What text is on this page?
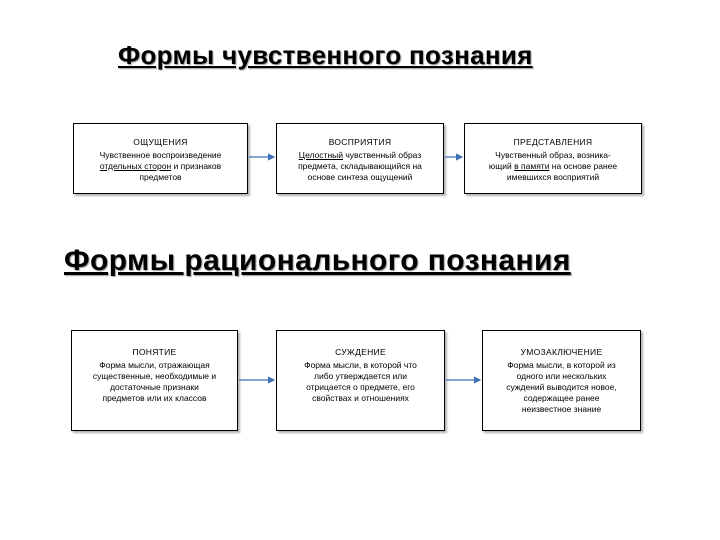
Формы чувственного познания
Формы рационального познания
ОЩУЩЕНИЯ
Чувственное воспроизведение
отдельных сторон и признаков
предметов
ВОСПРИЯТИЯ
Целостный чувственный образ
предмета, складывающийся на
основе синтеза ощущений
ПРЕДСТАВЛЕНИЯ
Чувственный образ, возника-
ющий в памяти на основе ранее
имевшихся восприятий
ПОНЯТИЕ
Форма мысли, отражающая
существенные, необходимые и
достаточные признаки
предметов или их классов
СУЖДЕНИЕ
Форма мысли, в которой что
либо утверждается или
отрицается о предмете, его
свойствах и отношениях
УМОЗАКЛЮЧЕНИЕ
Форма мысли, в которой из
одного или нескольких
суждений выводится новое,
содержащее ранее
неизвестное знание
